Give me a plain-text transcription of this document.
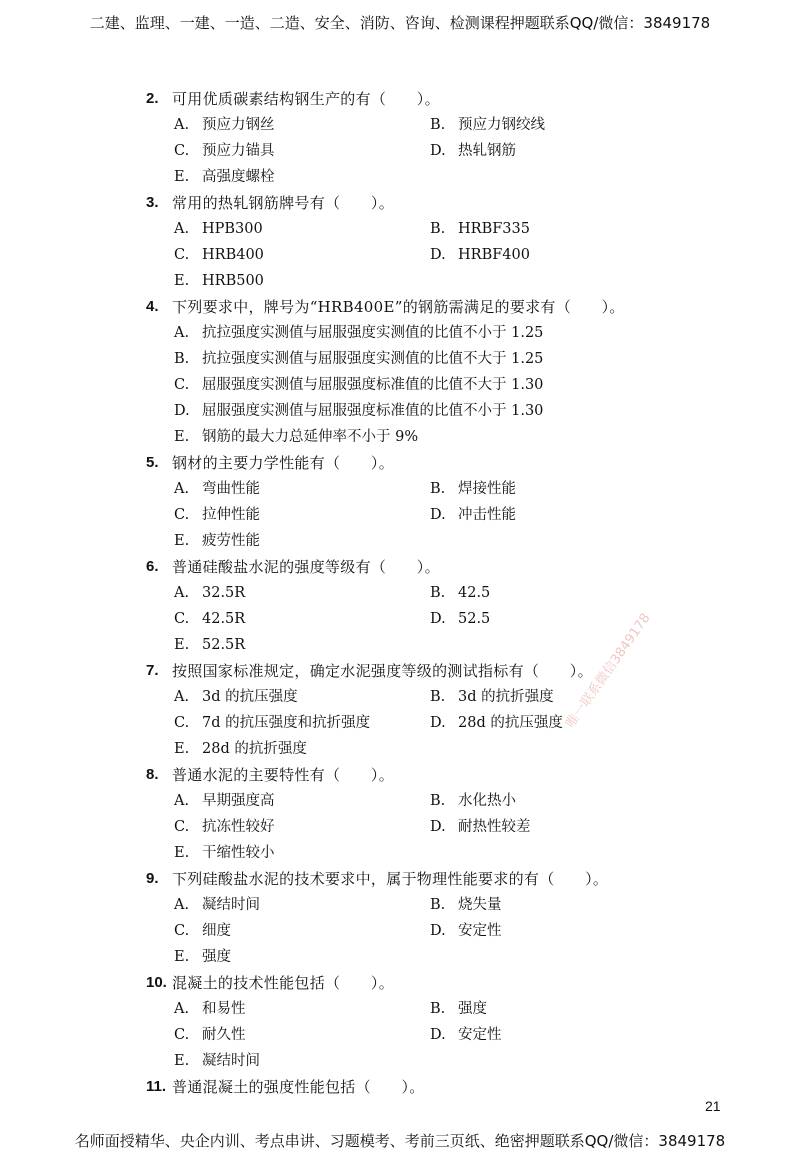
二建、监理、一建、一造、二造、安全、消防、咨询、检测课程押题联系QQ/微信：3849178
2. 可用优质碳素结构钢生产的有（　　）。
A. 预应力钢丝	B. 预应力钢绞线
C. 预应力锚具	D. 热轧钢筋
E. 高强度螺栓
3. 常用的热轧钢筋牌号有（　　）。
A. HPB300	B. HRBF335
C. HRB400	D. HRBF400
E. HRB500
4. 下列要求中，牌号为“HRB400E”的钢筋需满足的要求有（　　）。
A. 抗拉强度实测值与屈服强度实测值的比值不小于 1.25
B. 抗拉强度实测值与屈服强度实测值的比值不大于 1.25
C. 屈服强度实测值与屈服强度标准值的比值不大于 1.30
D. 屈服强度实测值与屈服强度标准值的比值不小于 1.30
E. 钢筋的最大力总延伸率不小于 9%
5. 钢材的主要力学性能有（　　）。
A. 弯曲性能	B. 焊接性能
C. 拉伸性能	D. 冲击性能
E. 疲劳性能
6. 普通硅酸盐水泥的强度等级有（　　）。
A. 32.5R	B. 42.5
C. 42.5R	D. 52.5
E. 52.5R
7. 按照国家标准规定，确定水泥强度等级的测试指标有（　　）。
A. 3d 的抗压强度	B. 3d 的抗折强度
C. 7d 的抗压强度和抗折强度	D. 28d 的抗压强度
E. 28d 的抗折强度
8. 普通水泥的主要特性有（　　）。
A. 早期强度高	B. 水化热小
C. 抗冻性较好	D. 耐热性较差
E. 干缩性较小
9. 下列硅酸盐水泥的技术要求中，属于物理性能要求的有（　　）。
A. 凝结时间	B. 烧失量
C. 细度	D. 安定性
E. 强度
10. 混凝土的技术性能包括（　　）。
A. 和易性	B. 强度
C. 耐久性	D. 安定性
E. 凝结时间
11. 普通混凝土的强度性能包括（　　）。
唯一联系微信3849178
21
名师面授精华、央企内训、考点串讲、习题模考、考前三页纸、绝密押题联系QQ/微信：3849178
